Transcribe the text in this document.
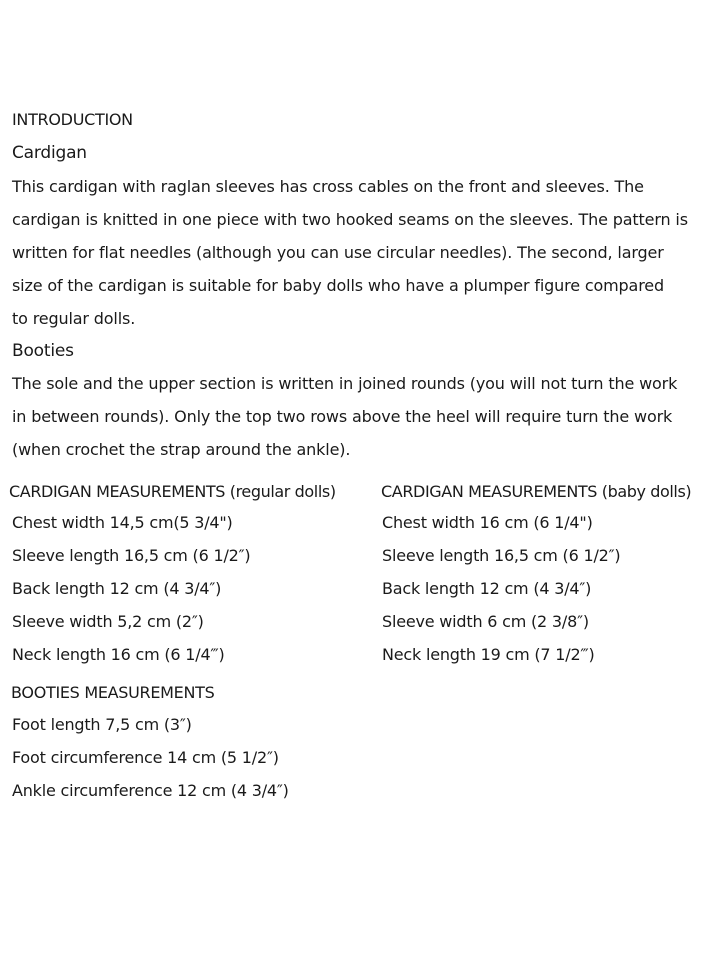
INTRODUCTION
Cardigan
This cardigan with raglan sleeves has cross cables on the front and sleeves. The
cardigan is knitted in one piece with two hooked seams on the sleeves. The pattern is
written for flat needles (although you can use circular needles). The second, larger
size of the cardigan is suitable for baby dolls who have a plumper figure compared
to regular dolls.
Booties
The sole and the upper section is written in joined rounds (you will not turn the work
in between rounds). Only the top two rows above the heel will require turn the work
(when crochet the strap around the ankle).
CARDIGAN MEASUREMENTS (regular dolls)
Chest width 14,5 cm(5 3/4")
Sleeve length 16,5 cm (6 1/2″)
Back length 12 cm (4 3/4″)
Sleeve width 5,2 cm (2″)
Neck length 16 cm (6 1/4‴)
CARDIGAN MEASUREMENTS (baby dolls)
Chest width 16 cm (6 1/4")
Sleeve length 16,5 cm (6 1/2″)
Back length 12 cm (4 3/4″)
Sleeve width 6 cm (2 3/8″)
Neck length 19 cm (7 1/2‴)
BOOTIES MEASUREMENTS
Foot length 7,5 cm (3″)
Foot circumference 14 cm (5 1/2″)
Ankle circumference 12 cm (4 3/4″)
